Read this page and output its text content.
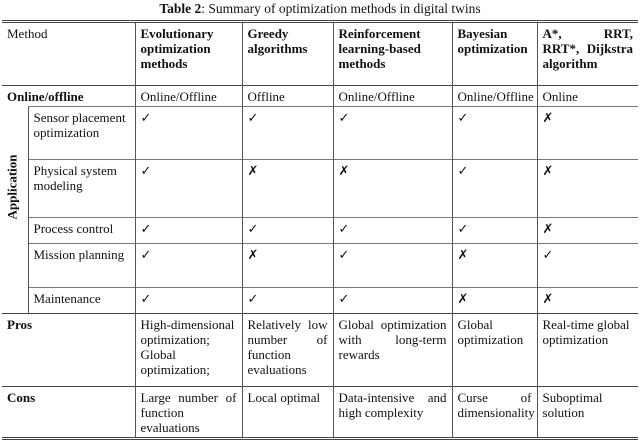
Table 2: Summary of optimization methods in digital twins
Method		Evolutionary optimization methods	Greedy algorithms	Reinforcement learning-based methods	Bayesian optimization	A*, RRT, RRT*, Dijkstra algorithm
Online/offline		Online/Offline	Offline	Online/Offline	Online/Offline	Online

Application	Sensor placement optimization	✓	✓	✓	✓	✗
	Physical system modeling	✓	✗	✗	✓	✗
	Process control	✓	✓	✓	✓	✗
	Mission planning	✓	✗	✓	✗	✓
	Maintenance	✓	✓	✓	✗	✗
Pros		High-dimensional optimization; Global optimization;	Relatively low number of function evaluations	Global optimization with long-term rewards	Global optimization	Real-time global optimization
Cons		Large number of function evaluations	Local optimal	Data-intensive and high complexity	Curse of dimensionality	Suboptimal solution
